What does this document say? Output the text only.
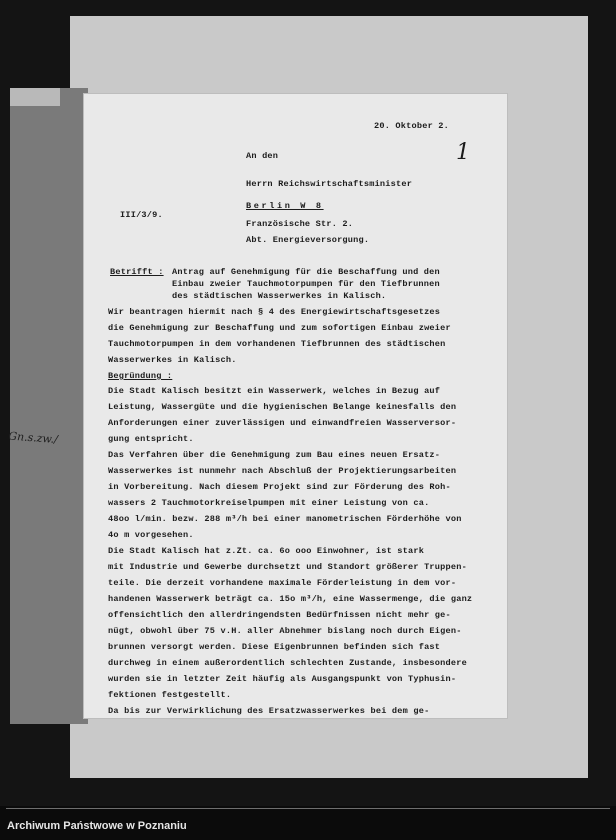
Gn.s.zw./
20. Oktober 2.
1
An den
Herrn Reichswirtschaftsminister
Berlin W 8
Französische Str. 2.
Abt. Energieversorgung.
III/3/9.
Betrifft : Antrag auf Genehmigung für die Beschaffung und den
Einbau zweier Tauchmotorpumpen für den Tiefbrunnen
des städtischen Wasserwerkes in Kalisch.
Wir beantragen hiermit nach § 4 des Energiewirtschaftsgesetzes
die Genehmigung zur Beschaffung und zum sofortigen Einbau zweier
Tauchmotorpumpen in dem vorhandenen Tiefbrunnen des städtischen
Wasserwerkes in Kalisch.
Begründung :
Die Stadt Kalisch besitzt ein Wasserwerk, welches in Bezug auf
Leistung, Wassergüte und die hygienischen Belange keinesfalls den
Anforderungen einer zuverlässigen und einwandfreien Wasserversor-
gung entspricht.
Das Verfahren über die Genehmigung zum Bau eines neuen Ersatz-
Wasserwerkes ist nunmehr nach Abschluß der Projektierungsarbeiten
in Vorbereitung. Nach diesem Projekt sind zur Förderung des Roh-
wassers 2 Tauchmotorkreiselpumpen mit einer Leistung von ca.
48oo l/min. bezw. 288 m³/h bei einer manometrischen Förderhöhe von
4o m vorgesehen.
Die Stadt Kalisch hat z.Zt. ca. 6o ooo Einwohner, ist stark
mit Industrie und Gewerbe durchsetzt und Standort größerer Truppen-
teile. Die derzeit vorhandene maximale Förderleistung in dem vor-
handenen Wasserwerk beträgt ca. 15o m³/h, eine Wassermenge, die ganz
offensichtlich den allerdringendsten Bedürfnissen nicht mehr ge-
nügt, obwohl über 75 v.H. aller Abnehmer bislang noch durch Eigen-
brunnen versorgt werden. Diese Eigenbrunnen befinden sich fast
durchweg in einem außerordentlich schlechten Zustande, insbesondere
wurden sie in letzter Zeit häufig als Ausgangspunkt von Typhusin-
fektionen festgestellt.
Da bis zur Verwirklichung des Ersatzwasserwerkes bei dem ge-
Archiwum Państwowe w Poznaniu
